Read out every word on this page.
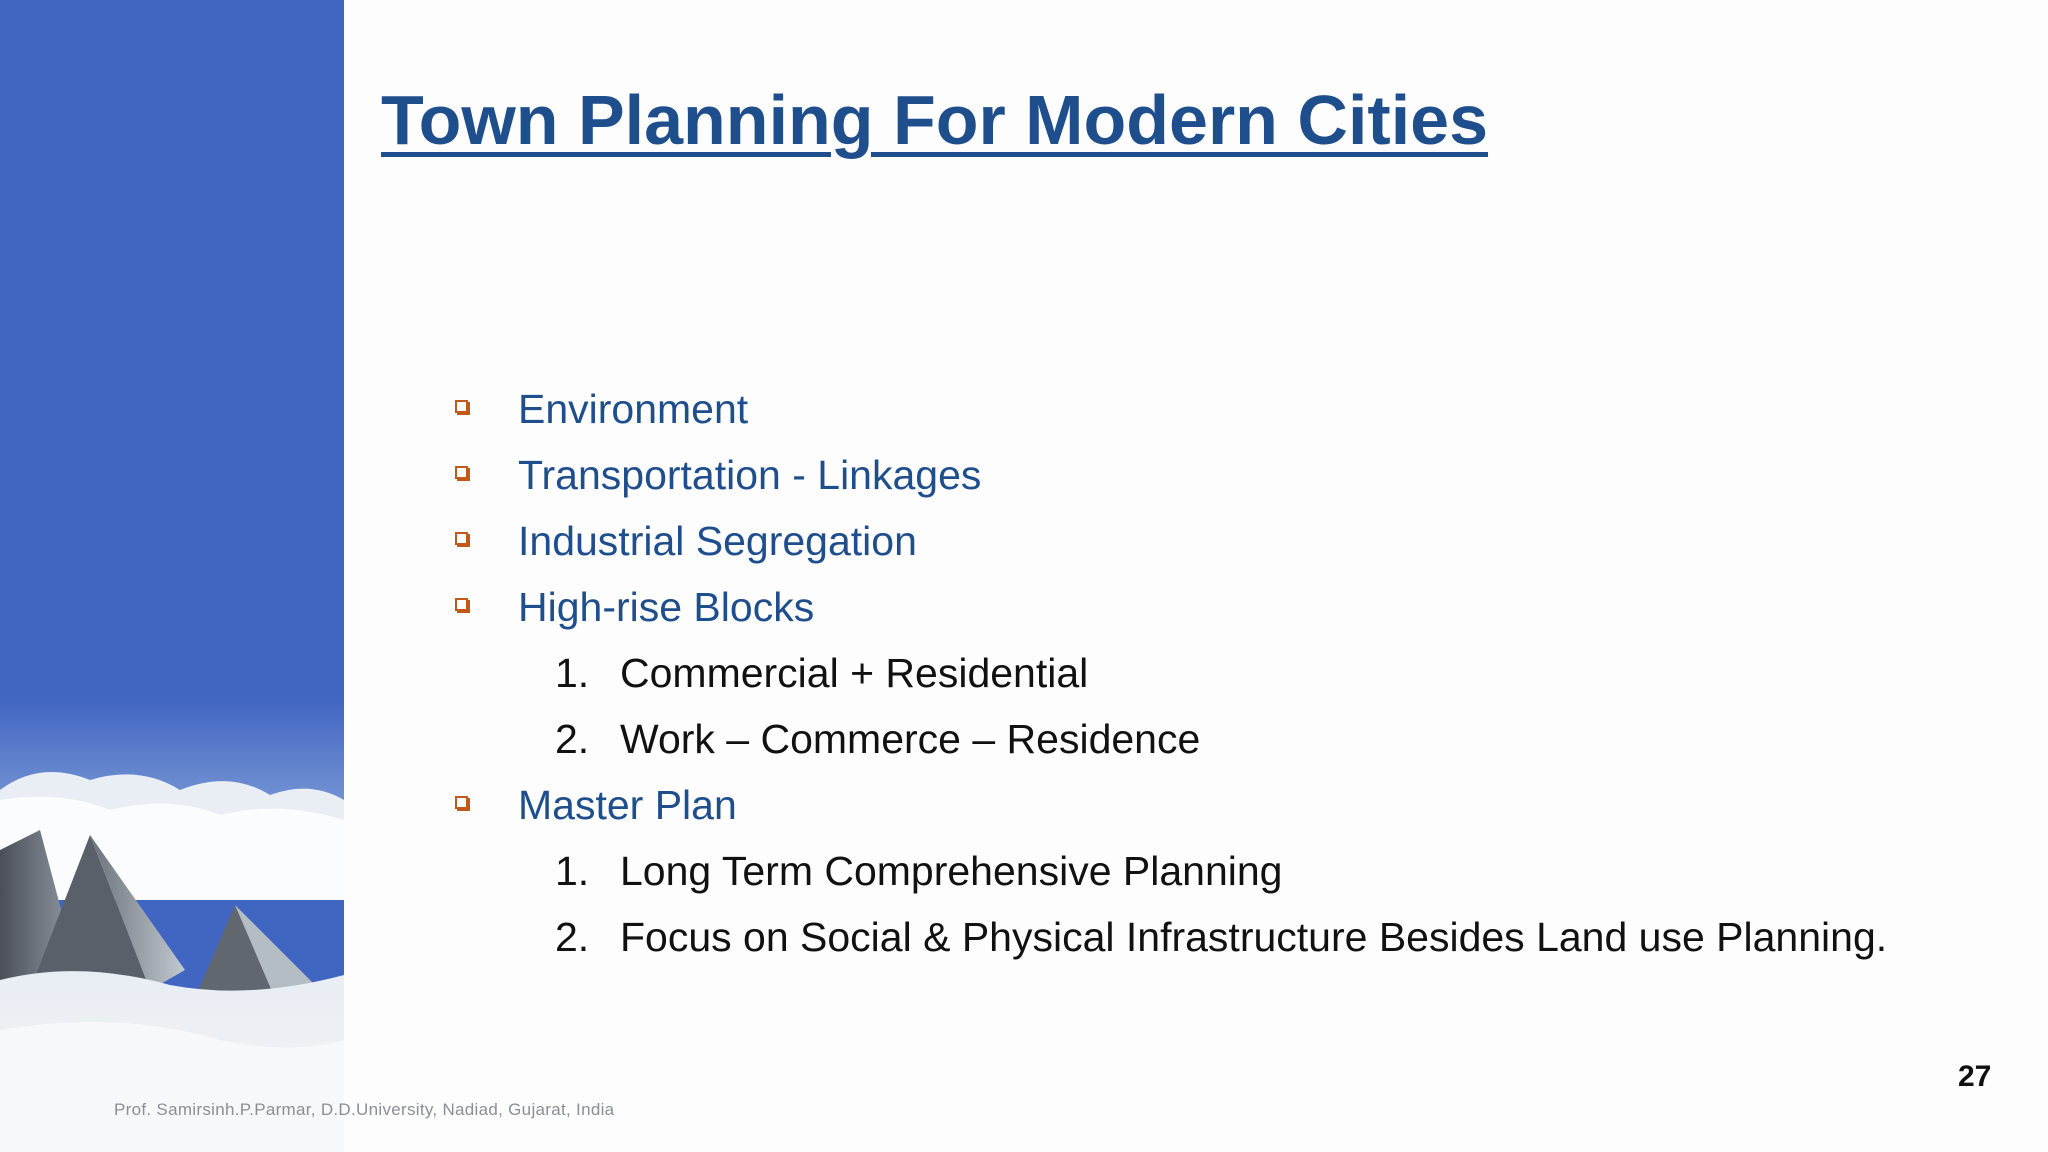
Town Planning For Modern Cities
Environment
Transportation - Linkages
Industrial Segregation
High-rise Blocks
1. Commercial + Residential
2. Work – Commerce – Residence
Master Plan
1. Long Term Comprehensive Planning
2. Focus on Social & Physical Infrastructure Besides Land use Planning.
27
Prof. Samirsinh.P.Parmar, D.D.University, Nadiad, Gujarat, India
